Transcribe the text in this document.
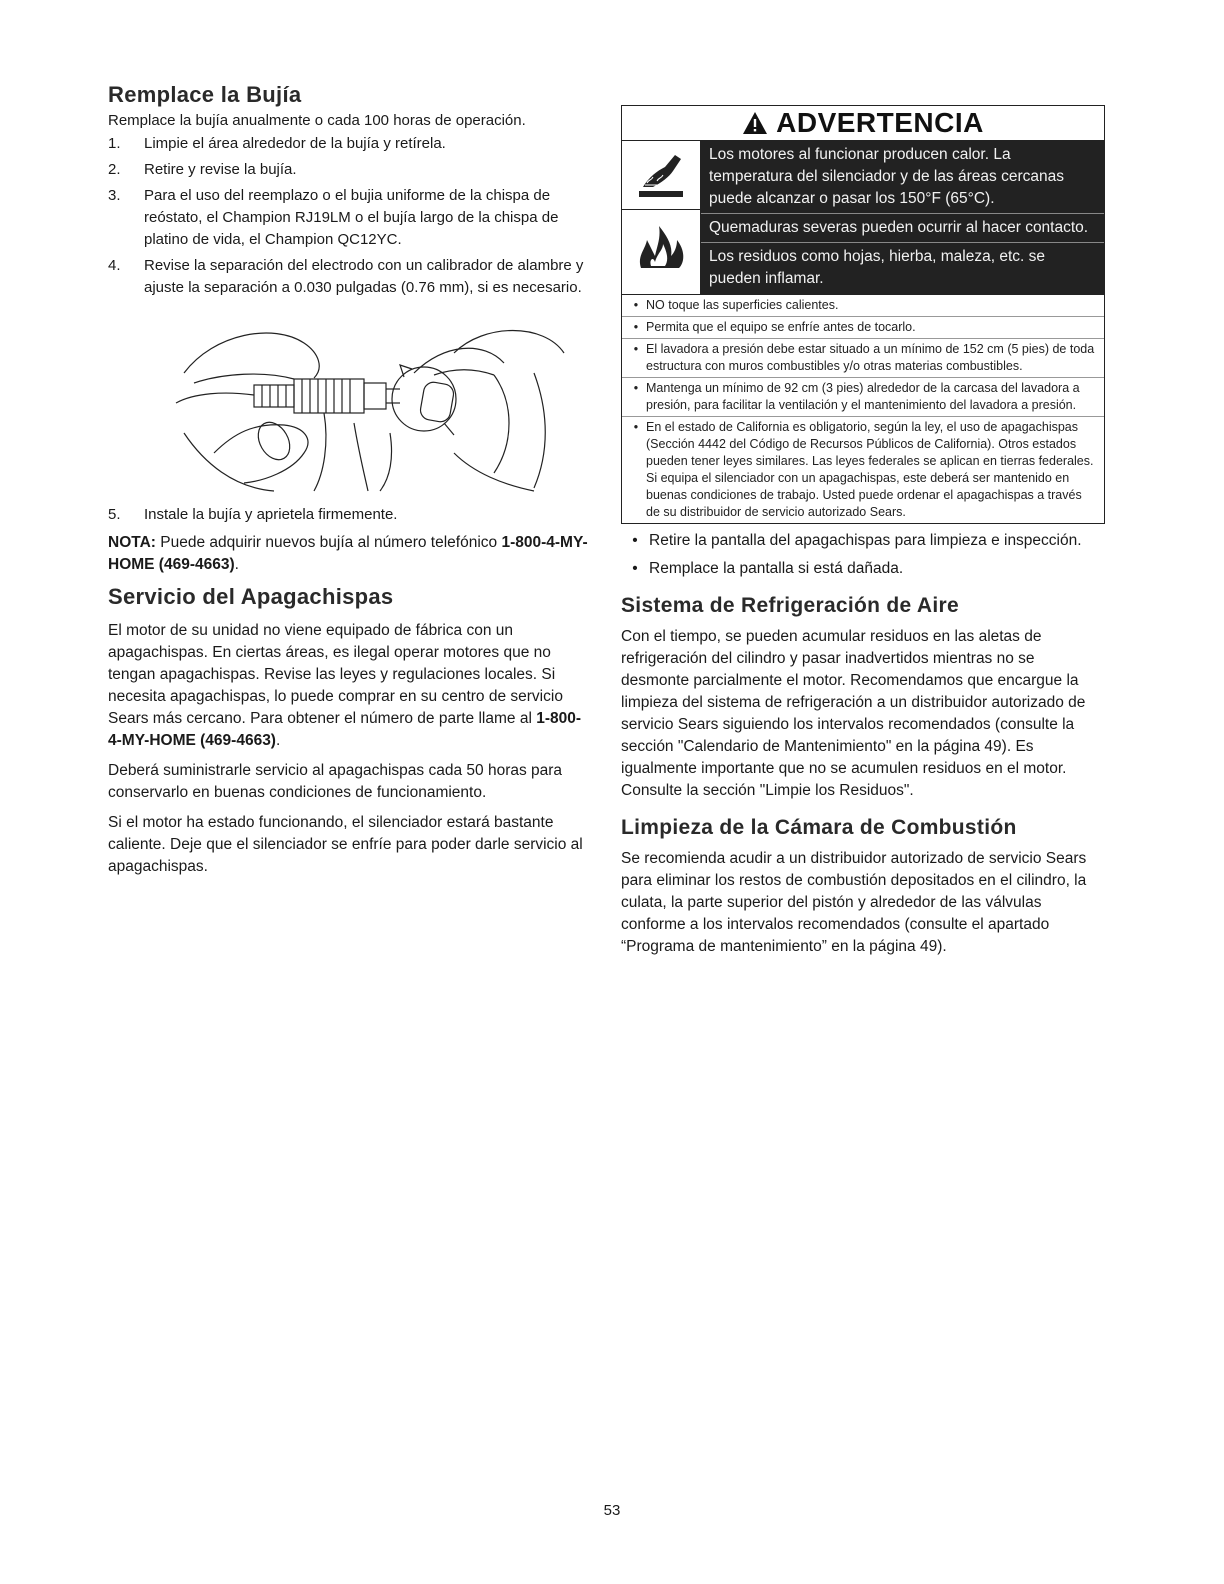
Remplace la Bujía

Remplace la bujía anualmente o cada 100 horas de operación.

1.	Limpie el área alrededor de la bujía y retírela.
2.	Retire y revise la bujía.
3.	Para el uso del reemplazo o el bujia uniforme de la chispa de reóstato, el Champion RJ19LM o el bujía largo de la chispa de platino de vida, el Champion QC12YC.
4.	Revise la separación del electrodo con un calibrador de alambre y ajuste la separación a 0.030 pulgadas (0.76 mm), si es necesario.
5.	Instale la bujía y aprietela firmemente.

NOTA: Puede adquirir nuevos bujía al número telefónico 1-800-4-MY-HOME (469-4663).

Servicio del Apagachispas

El motor de su unidad no viene equipado de fábrica con un apagachispas. En ciertas áreas, es ilegal operar motores que no tengan apagachispas. Revise las leyes y regulaciones locales. Si necesita apagachispas, lo puede comprar en su centro de servicio Sears más cercano. Para obtener el número de parte llame al 1-800-4-MY-HOME (469-4663).

Deberá suministrarle servicio al apagachispas cada 50 horas para conservarlo en buenas condiciones de funcionamiento.

Si el motor ha estado funcionando, el silenciador estará bastante caliente. Deje que el silenciador se enfríe para poder darle servicio al apagachispas.

ADVERTENCIA
Los motores al funcionar producen calor. La temperatura del silenciador y de las áreas cercanas puede alcanzar o pasar los 150°F (65°C).
Quemaduras severas pueden ocurrir al hacer contacto.
Los residuos como hojas, hierba, maleza, etc. se pueden inflamar.
• NO toque las superficies calientes.
• Permita que el equipo se enfríe antes de tocarlo.
• El lavadora a presión debe estar situado a un mínimo de 152 cm (5 pies) de toda estructura con muros combustibles y/o otras materias combustibles.
• Mantenga un mínimo de 92 cm (3 pies) alrededor de la carcasa del lavadora a presión, para facilitar la ventilación y el mantenimiento del lavadora a presión.
• En el estado de California es obligatorio, según la ley, el uso de apagachispas (Sección 4442 del Código de Recursos Públicos de California). Otros estados pueden tener leyes similares. Las leyes federales se aplican en tierras federales. Si equipa el silenciador con un apagachispas, este deberá ser mantenido en buenas condiciones de trabajo. Usted puede ordenar el apagachispas a través de su distribuidor de servicio autorizado Sears.
• Retire la pantalla del apagachispas para limpieza e inspección.
• Remplace la pantalla si está dañada.
Sistema de Refrigeración de Aire

Con el tiempo, se pueden acumular residuos en las aletas de refrigeración del cilindro y pasar inadvertidos mientras no se desmonte parcialmente el motor. Recomendamos que encargue la limpieza del sistema de refrigeración a un distribuidor autorizado de servicio Sears siguiendo los intervalos recomendados (consulte la sección "Calendario de Mantenimiento" en la página 49). Es igualmente importante que no se acumulen residuos en el motor. Consulte la sección "Limpie los Residuos".

Limpieza de la Cámara de Combustión

Se recomienda acudir a un distribuidor autorizado de servicio Sears para eliminar los restos de combustión depositados en el cilindro, la culata, la parte superior del pistón y alrededor de las válvulas conforme a los intervalos recomendados (consulte el apartado “Programa de mantenimiento” en la página 49).

53
